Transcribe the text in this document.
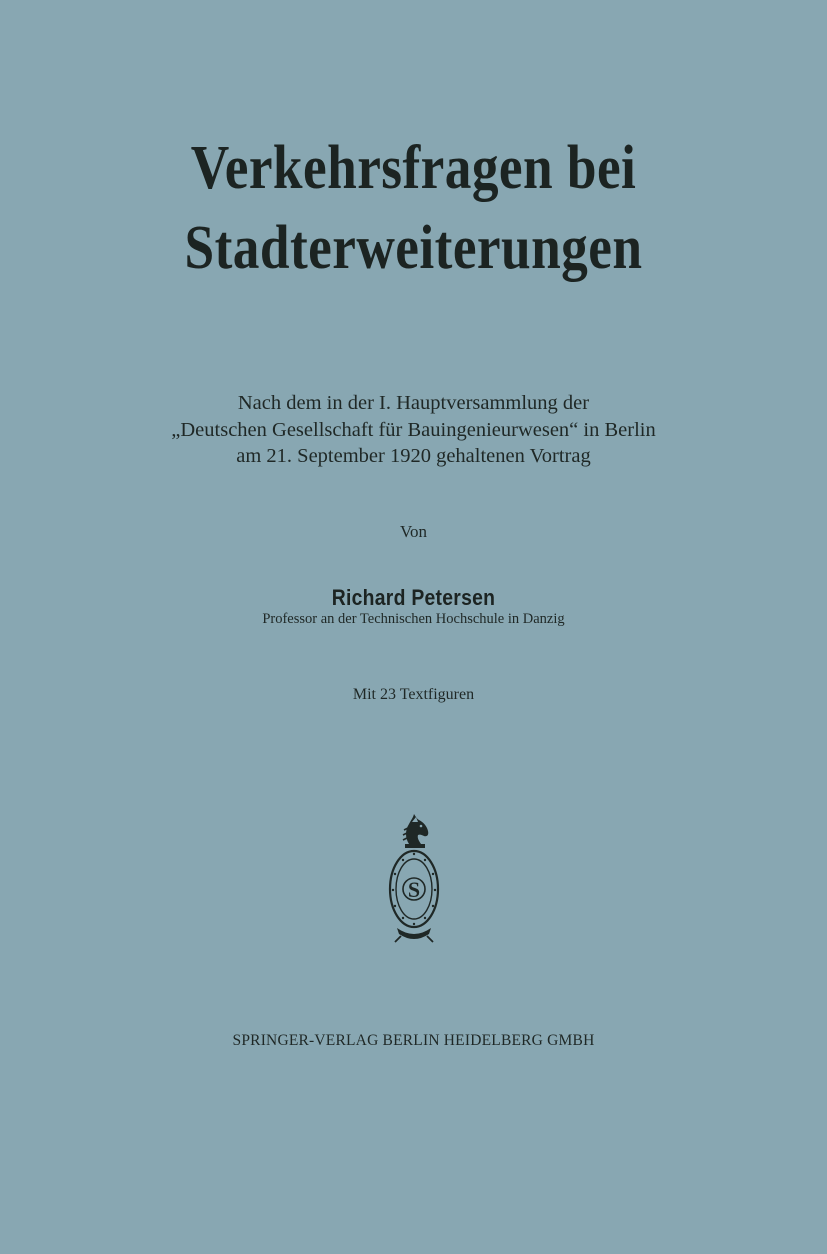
Verkehrsfragen bei
Stadterweiterungen
Nach dem in der I. Hauptversammlung der
„Deutschen Gesellschaft für Bauingenieurwesen“ in Berlin
am 21. September 1920 gehaltenen Vortrag
Von
Richard Petersen
Professor an der Technischen Hochschule in Danzig
Mit 23 Textfiguren
S
SPRINGER-VERLAG BERLIN HEIDELBERG GMBH
